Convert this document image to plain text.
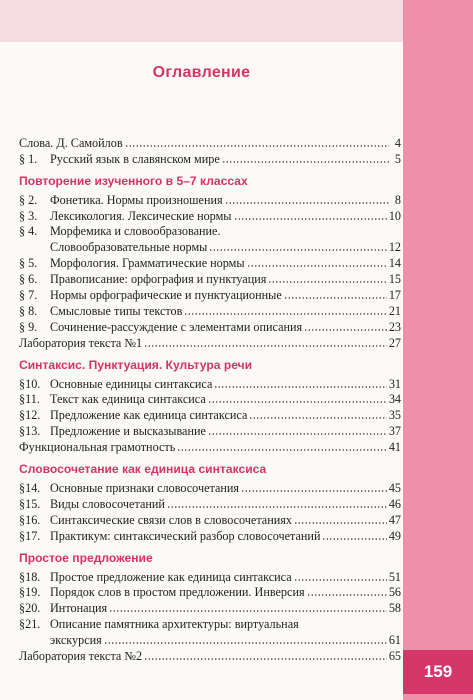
159
Оглавление
Слова. Д. Самойлов	4
§ 1.	Русский язык в славянском мире	5
Повторение изученного в 5–7 классах
§ 2.	Фонетика. Нормы произношения	8
§ 3.	Лексикология. Лексические нормы	10
§ 4.	Морфемика и словообразование.
Словообразовательные нормы	12
§ 5.	Морфология. Грамматические нормы	14
§ 6.	Правописание: орфография и пунктуация	15
§ 7.	Нормы орфографические и пунктуационные	17
§ 8.	Смысловые типы текстов	21
§ 9.	Сочинение-рассуждение с элементами описания	23
Лаборатория текста №1	27
Синтаксис. Пунктуация. Культура речи
§10. Основные единицы синтаксиса	31
§11. Текст как единица синтаксиса	34
§12. Предложение как единица синтаксиса	35
§13. Предложение и высказывание	37
Функциональная грамотность	41
Словосочетание как единица синтаксиса
§14. Основные признаки словосочетания	45
§15. Виды словосочетаний	46
§16. Синтаксические связи слов в словосочетаниях	47
§17. Практикум: синтаксический разбор словосочетаний	49
Простое предложение
§18. Простое предложение как единица синтаксиса	51
§19. Порядок слов в простом предложении. Инверсия	56
§20. Интонация	58
§21. Описание памятника архитектуры: виртуальная
экскурсия	61
Лаборатория текста №2	65
